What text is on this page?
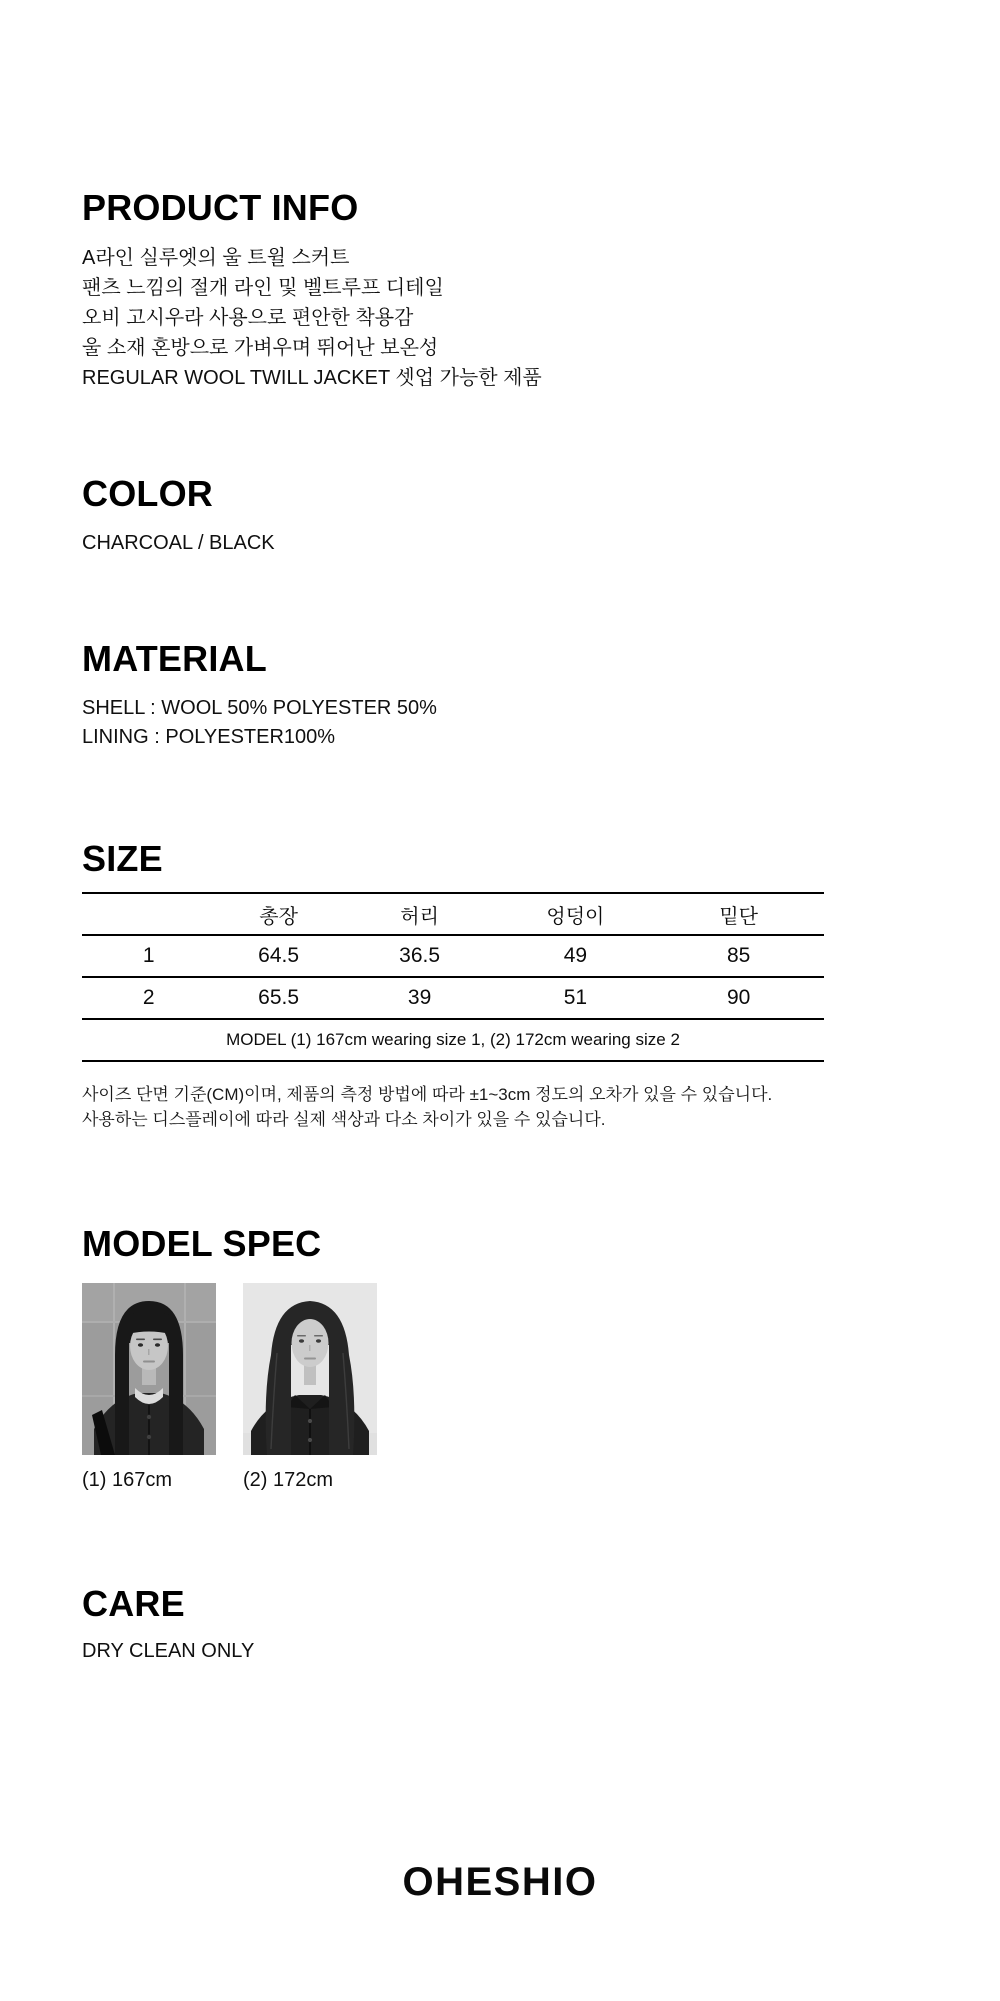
PRODUCT INFO

A라인 실루엣의 울 트윌 스커트

팬츠 느낌의 절개 라인 및 벨트루프 디테일

오비 고시우라 사용으로 편안한 착용감

울 소재 혼방으로 가벼우며 뛰어난 보온성

REGULAR WOOL TWILL JACKET 셋업 가능한 제품

COLOR

CHARCOAL / BLACK

MATERIAL

SHELL : WOOL 50% POLYESTER 50%

LINING : POLYESTER100%

SIZE
	총장	허리	엉덩이	밑단
1	64.5	36.5	49	85
2	65.5	39	51	90
MODEL (1) 167cm wearing size 1, (2) 172cm wearing size 2				

사이즈 단면 기준(CM)이며, 제품의 측정 방법에 따라 ±1~3cm 정도의 오차가 있을 수 있습니다.

사용하는 디스플레이에 따라 실제 색상과 다소 차이가 있을 수 있습니다.

MODEL SPEC
(1) 167cm	(2) 172cm
CARE

DRY CLEAN ONLY

OHESHIO
